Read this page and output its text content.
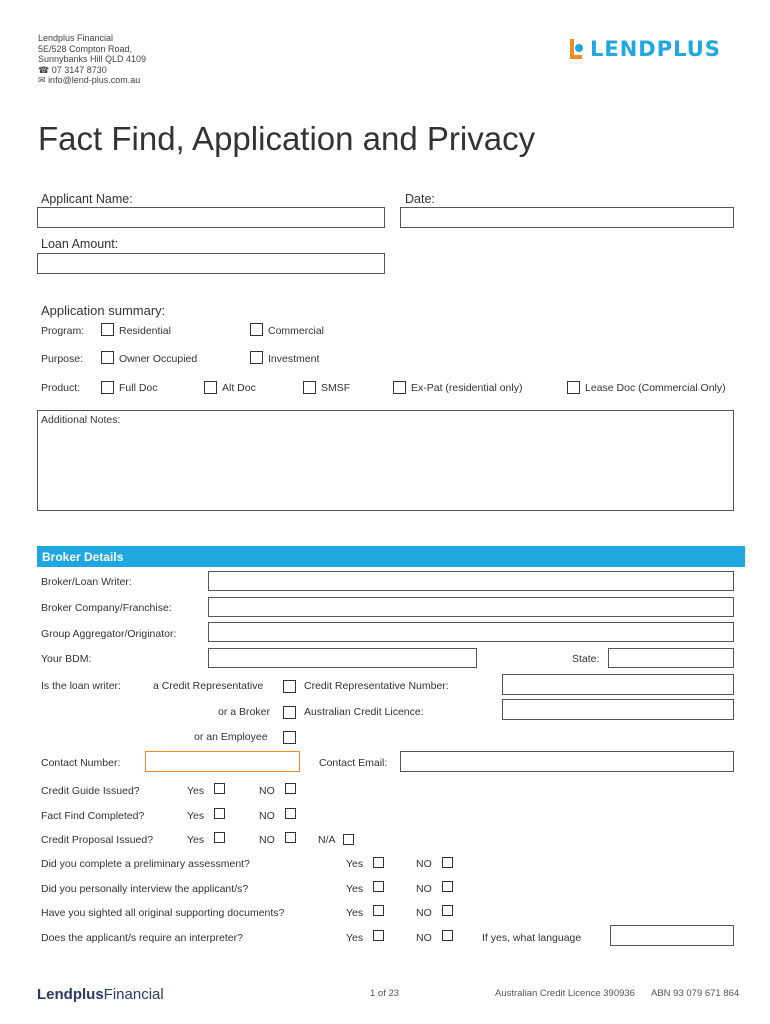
Lendplus Financial
5E/528 Compton Road,
Sunnybanks Hill QLD 4109
☎ 07 3147 8730
✉ info@lend-plus.com.au
LENDPLUS
Fact Find, Application and Privacy
Applicant Name:	Date:
Loan Amount:
Application summary:
Program:	Residential	Commercial
Purpose:	Owner Occupied	Investment
Product:	Full Doc	Alt Doc	SMSF	Ex-Pat (residential only)	Lease Doc (Commercial Only)
Additional Notes:
Broker Details
Broker/Loan Writer:
Broker Company/Franchise:
Group Aggregator/Originator:
Your BDM:	State:
Is the loan writer:	a Credit Representative	Credit Representative Number:
or a Broker	Australian Credit Licence:
or an Employee
Contact Number:	Contact Email:
Credit Guide Issued?	Yes	NO
Fact Find Completed?	Yes	NO
Credit Proposal Issued?	Yes	NO	N/A
Did you complete a preliminary assessment?	Yes	NO
Did you personally interview the applicant/s?	Yes	NO
Have you sighted all original supporting documents?	Yes	NO
Does the applicant/s require an interpreter?	Yes	NO	If yes, what language
LendplusFinancial	1 of 23	Australian Credit Licence 390936 ABN 93 079 671 864
